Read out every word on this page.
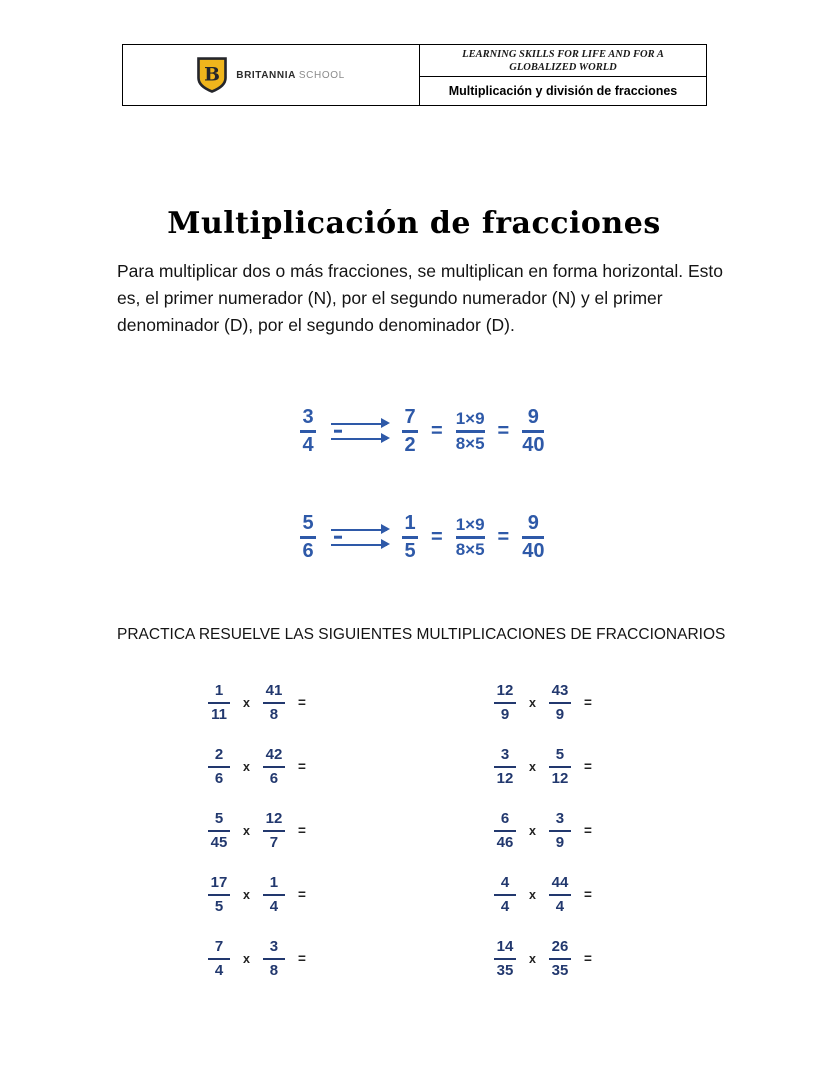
B BRITANNIA SCHOOL
LEARNING SKILLS FOR LIFE AND FOR A GLOBALIZED WORLD
Multiplicación y división de fracciones
Multiplicación de fracciones

Para multiplicar dos o más fracciones, se multiplican en forma horizontal. Esto es, el primer numerador (N), por el segundo numerador (N) y el primer denominador (D), por el segundo denominador (D).

3
4
7
2
=
1×9
8×5
=
9
40
5
6
1
5
=
1×9
8×5
=
9
40

PRACTICA RESUELVE LAS SIGUIENTES MULTIPLICACIONES DE FRACCIONARIOS

1
11
x
41
8
=
2
6
x
42
6
=
5
45
x
12
7
=
17
5
x
1
4
=
7
4
x
3
8
=
12
9
x
43
9
=
3
12
x
5
12
=
6
46
x
3
9
=
4
4
x
44
4
=
14
35
x
26
35
=
